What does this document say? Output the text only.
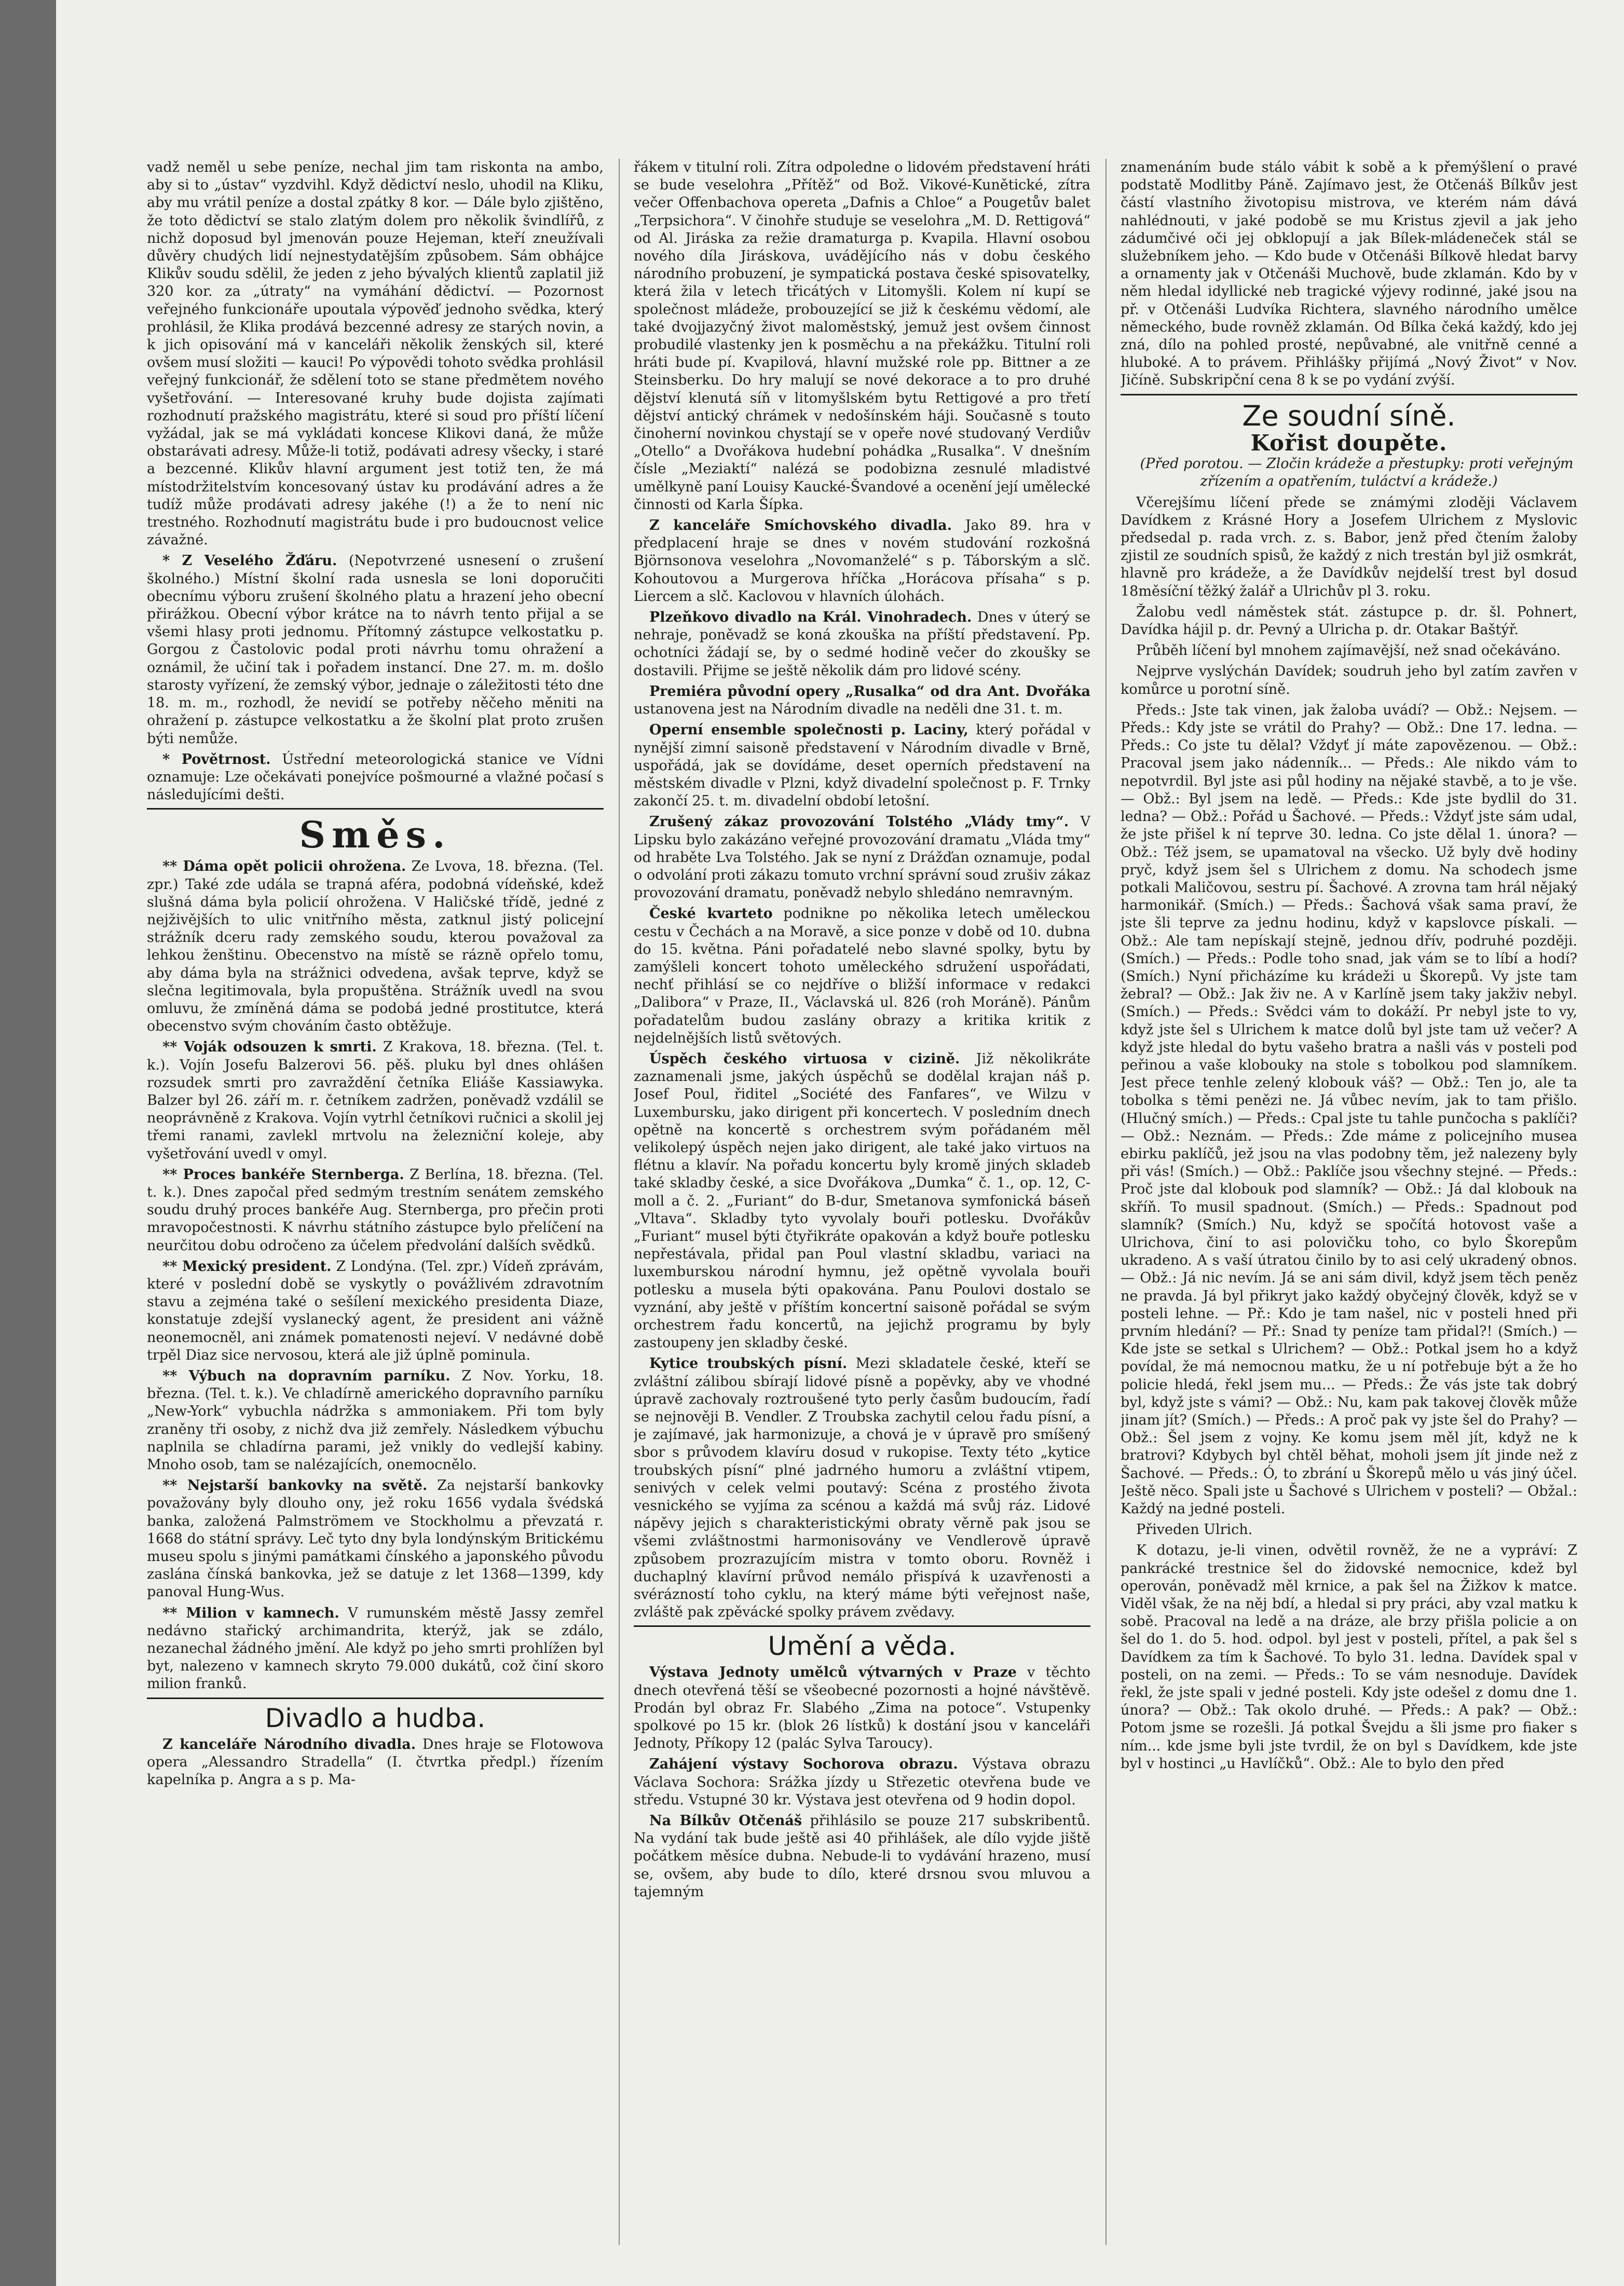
vadž neměl u sebe peníze, nechal jim tam riskonta na ambo, aby si to „ústav“ vyzdvihl. Když dědictví neslo, uhodil na Kliku, aby mu vrátil peníze a dostal zpátky 8 kor. — Dále bylo zjištěno, že toto dědictví se stalo zlatým dolem pro několik švindlířů, z nichž doposud byl jmenován pouze Hejeman, kteří zneužívali důvěry chudých lidí nejnestydatějším způsobem. Sám obhájce Klikův soudu sdělil, že jeden z jeho bývalých klientů zaplatil již 320 kor. za „útraty“ na vymáhání dědictví. — Pozornost veřejného funkcionáře upoutala výpověď jednoho svědka, který prohlásil, že Klika prodává bezcenné adresy ze starých novin, a k jich opisování má v kanceláři několik ženských sil, které ovšem musí složiti — kauci! Po výpovědi tohoto svědka prohlásil veřejný funkcionář, že sdělení toto se stane předmětem nového vyšetřování. — Interesované kruhy bude dojista zajímati rozhodnutí pražského magistrátu, které si soud pro příští líčení vyžádal, jak se má vykládati koncese Klikovi daná, že může obstarávati adresy. Může-li totiž, podávati adresy všecky, i staré a bezcenné. Klikův hlavní argument jest totiž ten, že má místodržitelstvím koncesovaný ústav ku prodávání adres a že tudíž může prodávati adresy jakéhe (!) a že to není nic trestného. Rozhodnutí magistrátu bude i pro budoucnost velice závažné.

* Z Veselého Žďáru. (Nepotvrzené usnesení o zrušení školného.) Místní školní rada usnesla se loni doporučiti obecnímu výboru zrušení školného platu a hrazení jeho obecní přirážkou. Obecní výbor krátce na to návrh tento přijal a se všemi hlasy proti jednomu. Přítomný zástupce velkostatku p. Gorgou z Častolovic podal proti návrhu tomu ohražení a oznámil, že učiní tak i pořadem instancí. Dne 27. m. m. došlo starosty vyřízení, že zemský výbor, jednaje o záležitosti této dne 18. m. m., rozhodl, že nevidí se potřeby něčeho měniti na ohražení p. zástupce velkostatku a že školní plat proto zrušen býti nemůže.

* Povětrnost. Ústřední meteorologická stanice ve Vídni oznamuje: Lze očekávati ponejvíce pošmourné a vlažné počasí s následujícími dešti.

Směs.

** Dáma opět policii ohrožena. Ze Lvova, 18. března. (Tel. zpr.) Také zde udála se trapná aféra, podobná vídeňské, kdež slušná dáma byla policií ohrožena. V Haličské třídě, jedné z nejživějších to ulic vnitřního města, zatknul jistý policejní strážník dceru rady zemského soudu, kterou považoval za lehkou ženštinu. Obecenstvo na místě se rázně opřelo tomu, aby dáma byla na strážnici odvedena, avšak teprve, když se slečna legitimovala, byla propuštěna. Strážník uvedl na svou omluvu, že zmíněná dáma se podobá jedné prostitutce, která obecenstvo svým chováním často obtěžuje.

** Voják odsouzen k smrti. Z Krakova, 18. března. (Tel. t. k.). Vojín Josefu Balzerovi 56. pěš. pluku byl dnes ohlášen rozsudek smrti pro zavraždění četníka Eliáše Kassiawyka. Balzer byl 26. září m. r. četníkem zadržen, poněvadž vzdálil se neoprávněně z Krakova. Vojín vytrhl četníkovi ručnici a skolil jej třemi ranami, zavlekl mrtvolu na železniční koleje, aby vyšetřování uvedl v omyl.

** Proces bankéře Sternberga. Z Berlína, 18. března. (Tel. t. k.). Dnes započal před sedmým trestním senátem zemského soudu druhý proces bankéře Aug. Sternberga, pro přečin proti mravopočestnosti. K návrhu státního zástupce bylo přelíčení na neurčitou dobu odročeno za účelem předvolání dalších svědků.

** Mexický president. Z Londýna. (Tel. zpr.) Vídeň zprávám, které v poslední době se vyskytly o povážlivém zdravotním stavu a zejména také o sešílení mexického presidenta Diaze, konstatuje zdejší vyslanecký agent, že president ani vážně neonemocněl, ani známek pomatenosti nejeví. V nedávné době trpěl Diaz sice nervosou, která ale již úplně pominula.

** Výbuch na dopravním parníku. Z Nov. Yorku, 18. března. (Tel. t. k.). Ve chladírně amerického dopravního parníku „New-York“ vybuchla nádržka s ammoniakem. Při tom byly zraněny tři osoby, z nichž dva již zemřely. Následkem výbuchu naplnila se chladírna parami, jež vnikly do vedlejší kabiny. Mnoho osob, tam se nalézajících, onemocnělo.

** Nejstarší bankovky na světě. Za nejstarší bankovky považovány byly dlouho ony, jež roku 1656 vydala švédská banka, založená Palmströmem ve Stockholmu a převzatá r. 1668 do státní správy. Leč tyto dny byla londýnským Britickému museu spolu s jinými památkami čínského a japonského původu zaslána čínská bankovka, jež se datuje z let 1368—1399, kdy panoval Hung-Wus.

** Milion v kamnech. V rumunském městě Jassy zemřel nedávno stařický archimandrita, kterýž, jak se zdálo, nezanechal žádného jmění. Ale když po jeho smrti prohlížen byl byt, nalezeno v kamnech skryto 79.000 dukátů, což činí skoro milion franků.

Divadlo a hudba.

Z kanceláře Národního divadla. Dnes hraje se Flotowova opera „Alessandro Stradella“ (I. čtvrtka předpl.) řízením kapelníka p. Angra a s p. Ma-

řákem v titulní roli. Zítra odpoledne o lidovém představení hráti se bude veselohra „Přítěž“ od Bož. Vikové-Kunětické, zítra večer Offenbachova opereta „Dafnis a Chloe“ a Pougetův balet „Terpsichora“. V činohře studuje se veselohra „M. D. Rettigová“ od Al. Jiráska za režie dramaturga p. Kvapila. Hlavní osobou nového díla Jiráskova, uvádějícího nás v dobu českého národního probuzení, je sympatická postava české spisovatelky, která žila v letech třicátých v Litomyšli. Kolem ní kupí se společnost mládeže, probouzející se již k českému vědomí, ale také dvojjazyčný život maloměstský, jemuž jest ovšem činnost probudilé vlastenky jen k posměchu a na překážku. Titulní roli hráti bude pí. Kvapilová, hlavní mužské role pp. Bittner a ze Steinsberku. Do hry malují se nové dekorace a to pro druhé dějství klenutá síň v litomyšlském bytu Rettigové a pro třetí dějství antický chrámek v nedošínském háji. Současně s touto činoherní novinkou chystají se v opeře nové studovaný Verdiův „Otello“ a Dvořákova hudební pohádka „Rusalka“. V dnešním čísle „Meziaktí“ nalézá se podobizna zesnulé mladistvé umělkyně paní Louisy Kaucké-Švandové a ocenění její umělecké činnosti od Karla Šípka.

Z kanceláře Smíchovského divadla. Jako 89. hra v předplacení hraje se dnes v novém studování rozkošná Björnsonova veselohra „Novomanželé“ s p. Táborským a slč. Kohoutovou a Murgerova hříčka „Horácova přísaha“ s p. Liercem a slč. Kaclovou v hlavních úlohách.

Plzeňkovo divadlo na Král. Vinohradech. Dnes v úterý se nehraje, poněvadž se koná zkouška na příští představení. Pp. ochotníci žádají se, by o sedmé hodině večer do zkoušky se dostavili. Přijme se ještě několik dám pro lidové scény.

Premiéra původní opery „Rusalka“ od dra Ant. Dvořáka ustanovena jest na Národním divadle na neděli dne 31. t. m.

Operní ensemble společnosti p. Laciny, který pořádal v nynější zimní saisoně představení v Národním divadle v Brně, uspořádá, jak se dovídáme, deset operních představení na městském divadle v Plzni, když divadelní společnost p. F. Trnky zakončí 25. t. m. divadelní období letošní.

Zrušený zákaz provozování Tolstého „Vlády tmy“. V Lipsku bylo zakázáno veřejné provozování dramatu „Vláda tmy“ od hraběte Lva Tolstého. Jak se nyní z Drážďan oznamuje, podal o odvolání proti zákazu tomuto vrchní správní soud zrušiv zákaz provozování dramatu, poněvadž nebylo shledáno nemravným.

České kvarteto podnikne po několika letech uměleckou cestu v Čechách a na Moravě, a sice ponze v době od 10. dubna do 15. května. Páni pořadatelé nebo slavné spolky, bytu by zamýšleli koncert tohoto uměleckého sdružení uspořádati, nechť přihlásí se co nejdříve o bližší informace v redakci „Dalibora“ v Praze, II., Václavská ul. 826 (roh Moráně). Pánům pořadatelům budou zaslány obrazy a kritika kritik z nejdelnějších listů světových.

Úspěch českého virtuosa v cizině. Již několikráte zaznamenali jsme, jakých úspěchů se dodělal krajan náš p. Josef Poul, řiditel „Société des Fanfares“, ve Wilzu v Luxembursku, jako dirigent při koncertech. V posledním dnech opětně na koncertě s orchestrem svým pořádaném měl velikolepý úspěch nejen jako dirigent, ale také jako virtuos na flétnu a klavír. Na pořadu koncertu byly kromě jiných skladeb také skladby české, a sice Dvořákova „Dumka“ č. 1., op. 12, C-moll a č. 2. „Furiant“ do B-dur, Smetanova symfonická báseň „Vltava“. Skladby tyto vyvolaly bouři potlesku. Dvořákův „Furiant“ musel býti čtyřikráte opakován a když bouře potlesku nepřestávala, přidal pan Poul vlastní skladbu, variaci na luxemburskou národní hymnu, jež opětně vyvolala bouři potlesku a musela býti opakována. Panu Poulovi dostalo se vyznání, aby ještě v příštím koncertní saisoně pořádal se svým orchestrem řadu koncertů, na jejichž programu by byly zastoupeny jen skladby české.

Kytice troubských písní. Mezi skladatele české, kteří se zvláštní zálibou sbírají lidové písně a popěvky, aby ve vhodné úpravě zachovaly roztroušené tyto perly časům budoucím, řadí se nejnověji B. Vendler. Z Troubska zachytil celou řadu písní, a je zajímavé, jak harmonizuje, a chová je v úpravě pro smíšený sbor s průvodem klavíru dosud v rukopise. Texty této „kytice troubských písní“ plné jadrného humoru a zvláštní vtipem, senivých v celek velmi poutavý: Scéna z prostého života vesnického se vyjíma za scénou a každá má svůj ráz. Lidové nápěvy jejich s charakteristickými obraty věrně pak jsou se všemi zvláštnostmi harmonisovány ve Vendlerově úpravě způsobem prozrazujícím mistra v tomto oboru. Rovněž i duchaplný klavírní průvod nemálo přispívá k uzavřenosti a svérázností toho cyklu, na který máme býti veřejnost naše, zvláště pak zpěvácké spolky právem zvědavy.

Umění a věda.

Výstava Jednoty umělců výtvarných v Praze v těchto dnech otevřená těší se všeobecné pozornosti a hojné návštěvě. Prodán byl obraz Fr. Slabého „Zima na potoce“. Vstupenky spolkové po 15 kr. (blok 26 lístků) k dostání jsou v kanceláři Jednoty, Příkopy 12 (palác Sylva Taroucy).

Zahájení výstavy Sochorova obrazu. Výstava obrazu Václava Sochora: Srážka jízdy u Střezetic otevřena bude ve středu. Vstupné 30 kr. Výstava jest otevřena od 9 hodin dopol.

Na Bílkův Otčenáš přihlásilo se pouze 217 subskribentů. Na vydání tak bude ještě asi 40 přihlášek, ale dílo vyjde jiště počátkem měsíce dubna. Nebude-li to vydávání hrazeno, musí se, ovšem, aby bude to dílo, které drsnou svou mluvou a tajemným

znamenáním bude stálo vábit k sobě a k přemýšlení o pravé podstatě Modlitby Páně. Zajímavo jest, že Otčenáš Bílkův jest částí vlastního životopisu mistrova, ve kterém nám dává nahlédnouti, v jaké podobě se mu Kristus zjevil a jak jeho zádumčivé oči jej obklopují a jak Bílek-mládeneček stál se služebníkem jeho. — Kdo bude v Otčenáši Bílkově hledat barvy a ornamenty jak v Otčenáši Muchově, bude zklamán. Kdo by v něm hledal idyllické neb tragické výjevy rodinné, jaké jsou na př. v Otčenáši Ludvíka Richtera, slavného národního umělce německého, bude rovněž zklamán. Od Bílka čeká každý, kdo jej zná, dílo na pohled prosté, nepůvabné, ale vnitřně cenné a hluboké. A to právem. Přihlášky přijímá „Nový Život“ v Nov. Jičíně. Subskripční cena 8 k se po vydání zvýší.

Ze soudní síně.
Kořist doupěte.

(Před porotou. — Zločin krádeže a přestupky: proti veřejným zřízením a opatřením, tuláctví a krádeže.)

Včerejšímu líčení přede se známými zloději Václavem Davídkem z Krásné Hory a Josefem Ulrichem z Myslovic předsedal p. rada vrch. z. s. Babor, jenž před čtením žaloby zjistil ze soudních spisů, že každý z nich trestán byl již osmkrát, hlavně pro krádeže, a že Davídkův nejdelší trest byl dosud 18měsíční těžký žalář a Ulrichův pl 3. roku.

Žalobu vedl náměstek stát. zástupce p. dr. šl. Pohnert, Davídka hájil p. dr. Pevný a Ulricha p. dr. Otakar Baštýř.

Průběh líčení byl mnohem zajímavější, než snad očekáváno.

Nejprve vyslýchán Davídek; soudruh jeho byl zatím zavřen v komůrce u porotní síně.

Předs.: Jste tak vinen, jak žaloba uvádí? — Obž.: Nejsem. — Předs.: Kdy jste se vrátil do Prahy? — Obž.: Dne 17. ledna. — Předs.: Co jste tu dělal? Vždyť jí máte zapovězenou. — Obž.: Pracoval jsem jako nádenník... — Předs.: Ale nikdo vám to nepotvrdil. Byl jste asi půl hodiny na nějaké stavbě, a to je vše. — Obž.: Byl jsem na ledě. — Předs.: Kde jste bydlil do 31. ledna? — Obž.: Pořád u Šachové. — Předs.: Vždyť jste sám udal, že jste přišel k ní teprve 30. ledna. Co jste dělal 1. února? — Obž.: Též jsem, se upamatoval na všecko. Už byly dvě hodiny pryč, když jsem šel s Ulrichem z domu. Na schodech jsme potkali Maličovou, sestru pí. Šachové. A zrovna tam hrál nějaký harmonikář. (Smích.) — Předs.: Šachová však sama praví, že jste šli teprve za jednu hodinu, když v kapslovce pískali. — Obž.: Ale tam nepískají stejně, jednou dřív, podruhé později. (Smích.) — Předs.: Podle toho snad, jak vám se to líbí a hodí? (Smích.) Nyní přicházíme ku krádeži u Škorepů. Vy jste tam žebral? — Obž.: Jak živ ne. A v Karlíně jsem taky jakživ nebyl. (Smích.) — Předs.: Svědci vám to dokáží. Pr nebyl jste to vy, když jste šel s Ulrichem k matce dolů byl jste tam už večer? A když jste hledal do bytu vašeho bratra a našli vás v posteli pod peřinou a vaše klobouky na stole s tobolkou pod slamníkem. Jest přece tenhle zelený klobouk váš? — Obž.: Ten jo, ale ta tobolka s těmi penězi ne. Já vůbec nevím, jak to tam přišlo. (Hlučný smích.) — Předs.: Cpal jste tu tahle punčocha s paklíči? — Obž.: Neznám. — Předs.: Zde máme z policejního musea ebirku paklíčů, jež jsou na vlas podobny těm, jež nalezeny byly při vás! (Smích.) — Obž.: Paklíče jsou všechny stejné. — Předs.: Proč jste dal klobouk pod slamník? — Obž.: Já dal klobouk na skříň. To musil spadnout. (Smích.) — Předs.: Spadnout pod slamník? (Smích.) Nu, když se spočítá hotovost vaše a Ulrichova, činí to asi polovičku toho, co bylo Škorepům ukradeno. A s vaší útratou činilo by to asi celý ukradený obnos. — Obž.: Já nic nevím. Já se ani sám divil, když jsem těch peněz ne pravda. Já byl přikryt jako každý obyčejný člověk, když se v posteli lehne. — Př.: Kdo je tam našel, nic v posteli hned při prvním hledání? — Př.: Snad ty peníze tam přidal?! (Smích.) — Kde jste se setkal s Ulrichem? — Obž.: Potkal jsem ho a když povídal, že má nemocnou matku, že u ní potřebuje být a že ho policie hledá, řekl jsem mu... — Předs.: Že vás jste tak dobrý byl, když jste s vámi? — Obž.: Nu, kam pak takovej člověk může jinam jít? (Smích.) — Předs.: A proč pak vy jste šel do Prahy? — Obž.: Šel jsem z vojny. Ke komu jsem měl jít, když ne k bratrovi? Kdybych byl chtěl běhat, moholi jsem jít jinde než z Šachové. — Předs.: Ó, to zbrání u Škorepů mělo u vás jiný účel. Ještě něco. Spali jste u Šachové s Ulrichem v posteli? — Obžal.: Každý na jedné posteli.

Přiveden Ulrich.

K dotazu, je-li vinen, odvětil rovněž, že ne a vypráví: Z pankrácké trestnice šel do židovské nemocnice, kdež byl operován, poněvadž měl krnice, a pak šel na Žižkov k matce. Viděl však, že na něj bdí, a hledal si pry práci, aby vzal matku k sobě. Pracoval na ledě a na dráze, ale brzy přišla policie a on šel do 1. do 5. hod. odpol. byl jest v posteli, přítel, a pak šel s Davídkem za tím k Šachové. To bylo 31. ledna. Davídek spal v posteli, on na zemi. — Předs.: To se vám nesnoduje. Davídek řekl, že jste spali v jedné posteli. Kdy jste odešel z domu dne 1. února? — Obž.: Tak okolo druhé. — Předs.: A pak? — Obž.: Potom jsme se rozešli. Já potkal Švejdu a šli jsme pro fiaker s ním... kde jsme byli jste tvrdil, že on byl s Davídkem, kde jste byl v hostinci „u Havlíčků“. Obž.: Ale to bylo den před
